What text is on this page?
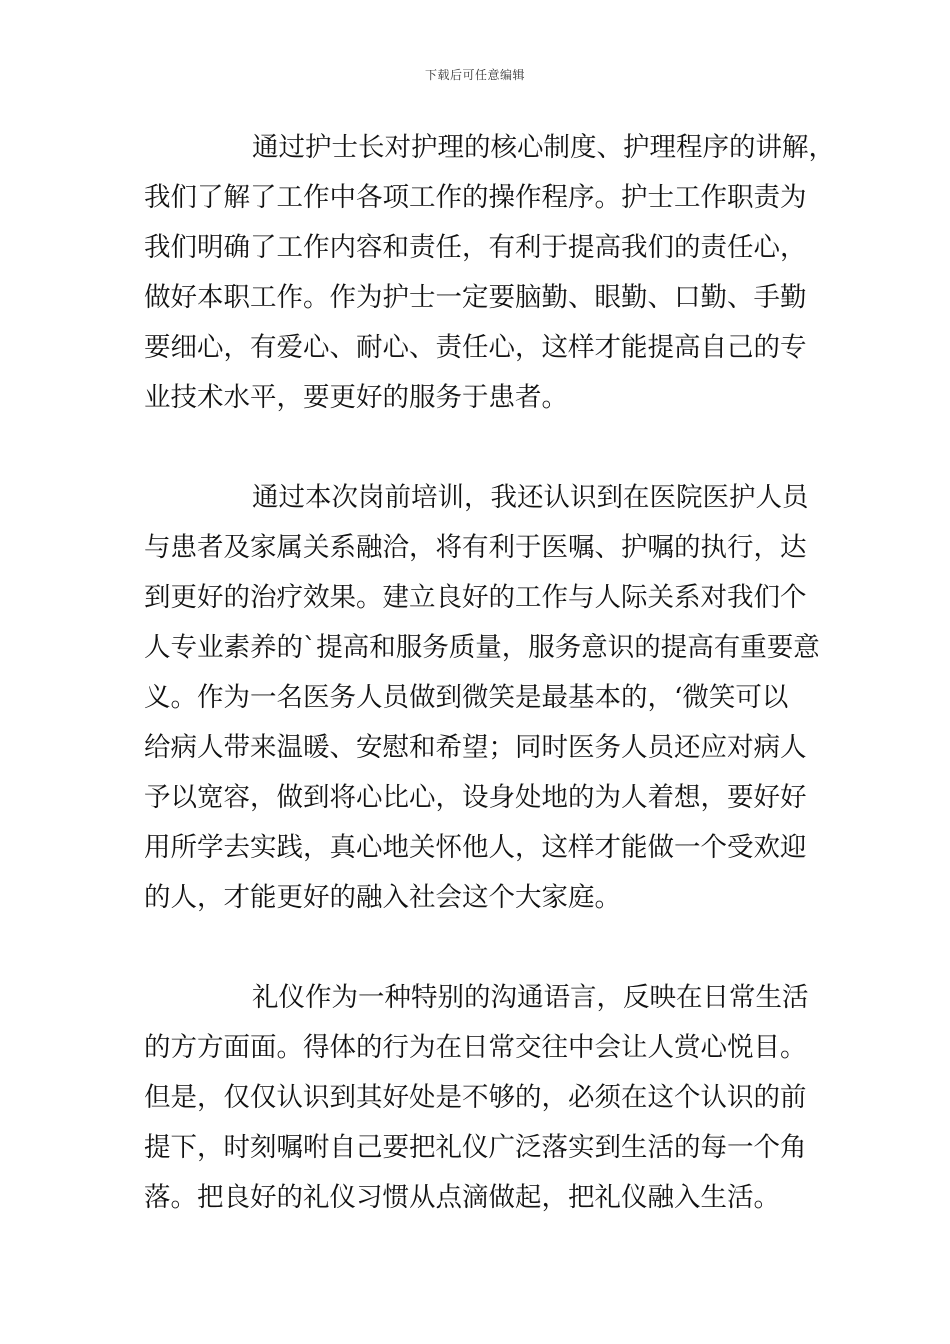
下载后可任意编辑
通过护士长对护理的核心制度、护理程序的讲解，
我们了解了工作中各项工作的操作程序。护士工作职责为
我们明确了工作内容和责任，有利于提高我们的责任心，
做好本职工作。作为护士一定要脑勤、眼勤、口勤、手勤
要细心，有爱心、耐心、责任心，这样才能提高自己的专
业技术水平，要更好的服务于患者。
通过本次岗前培训，我还认识到在医院医护人员
与患者及家属关系融洽，将有利于医嘱、护嘱的执行，达
到更好的治疗效果。建立良好的工作与人际关系对我们个
人专业素养的`提高和服务质量，服务意识的提高有重要意
义。作为一名医务人员做到微笑是最基本的，‘微笑可以
给病人带来温暖、安慰和希望；同时医务人员还应对病人
予以宽容，做到将心比心，设身处地的为人着想，要好好
用所学去实践，真心地关怀他人，这样才能做一个受欢迎
的人，才能更好的融入社会这个大家庭。
礼仪作为一种特别的沟通语言，反映在日常生活
的方方面面。得体的行为在日常交往中会让人赏心悦目。
但是，仅仅认识到其好处是不够的，必须在这个认识的前
提下，时刻嘱咐自己要把礼仪广泛落实到生活的每一个角
落。把良好的礼仪习惯从点滴做起，把礼仪融入生活。
